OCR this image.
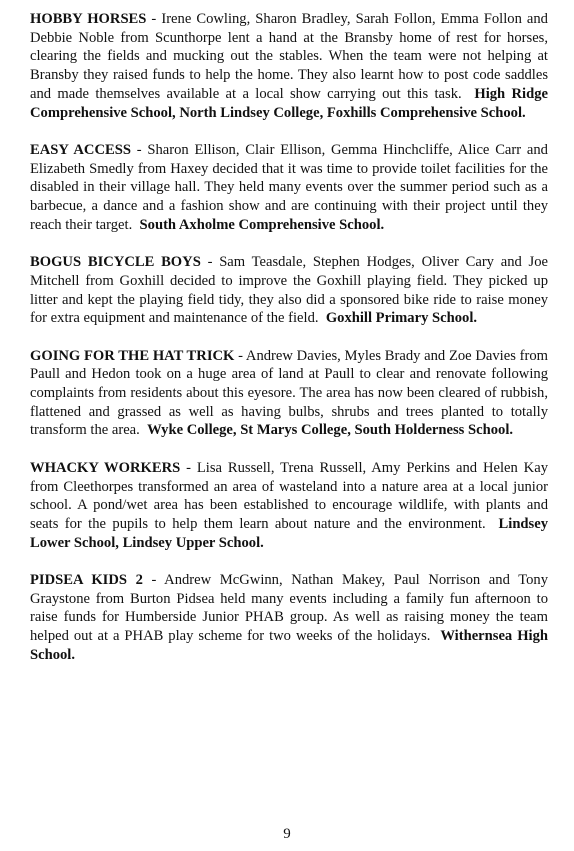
HOBBY HORSES - Irene Cowling, Sharon Bradley, Sarah Follon, Emma Follon and Debbie Noble from Scunthorpe lent a hand at the Bransby home of rest for horses, clearing the fields and mucking out the stables. When the team were not helping at Bransby they raised funds to help the home. They also learnt how to post code saddles and made themselves available at a local show carrying out this task. High Ridge Comprehensive School, North Lindsey College, Foxhills Comprehensive School.

EASY ACCESS - Sharon Ellison, Clair Ellison, Gemma Hinchcliffe, Alice Carr and Elizabeth Smedly from Haxey decided that it was time to provide toilet facilities for the disabled in their village hall. They held many events over the summer period such as a barbecue, a dance and a fashion show and are continuing with their project until they reach their target. South Axholme Comprehensive School.

BOGUS BICYCLE BOYS - Sam Teasdale, Stephen Hodges, Oliver Cary and Joe Mitchell from Goxhill decided to improve the Goxhill playing field. They picked up litter and kept the playing field tidy, they also did a sponsored bike ride to raise money for extra equipment and maintenance of the field. Goxhill Primary School.

GOING FOR THE HAT TRICK - Andrew Davies, Myles Brady and Zoe Davies from Paull and Hedon took on a huge area of land at Paull to clear and renovate following complaints from residents about this eyesore. The area has now been cleared of rubbish, flattened and grassed as well as having bulbs, shrubs and trees planted to totally transform the area. Wyke College, St Marys College, South Holderness School.

WHACKY WORKERS - Lisa Russell, Trena Russell, Amy Perkins and Helen Kay from Cleethorpes transformed an area of wasteland into a nature area at a local junior school. A pond/wet area has been established to encourage wildlife, with plants and seats for the pupils to help them learn about nature and the environment. Lindsey Lower School, Lindsey Upper School.

PIDSEA KIDS 2 - Andrew McGwinn, Nathan Makey, Paul Norrison and Tony Graystone from Burton Pidsea held many events including a family fun afternoon to raise funds for Humberside Junior PHAB group. As well as raising money the team helped out at a PHAB play scheme for two weeks of the holidays. Withernsea High School.

9
